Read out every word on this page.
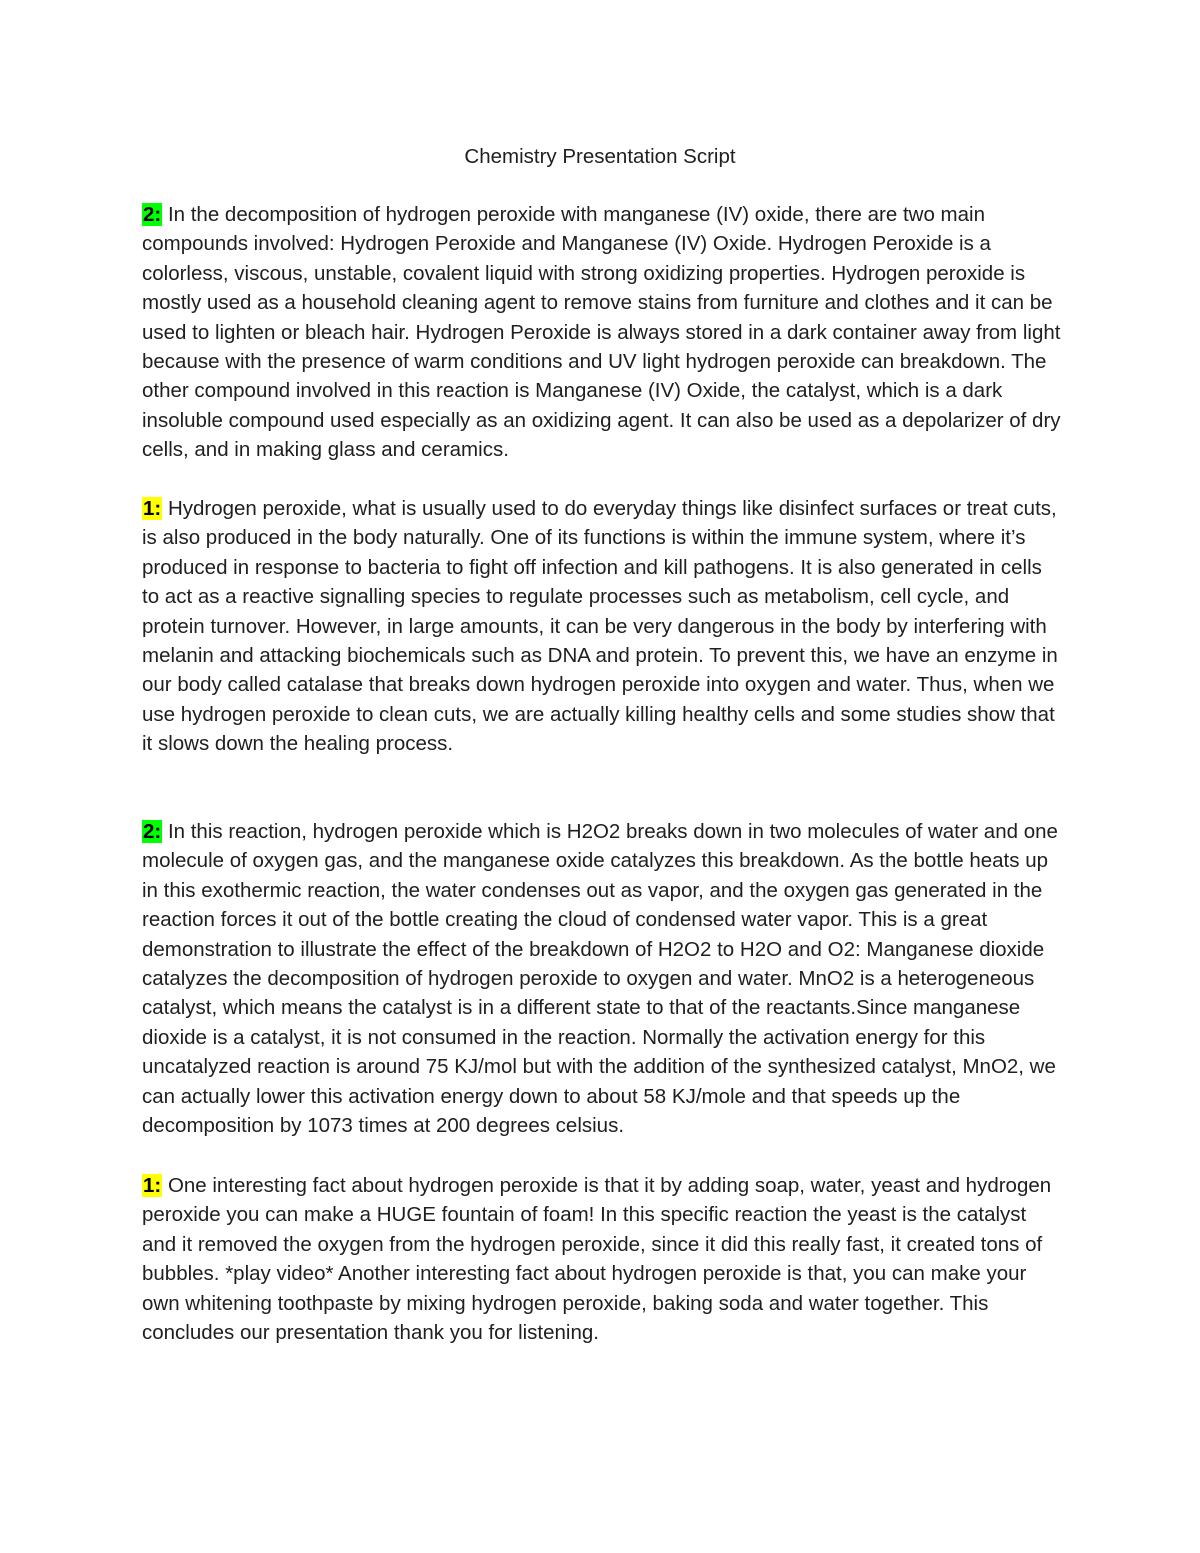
Chemistry Presentation Script

2: In the decomposition of hydrogen peroxide with manganese (IV) oxide, there are two main compounds involved: Hydrogen Peroxide and Manganese (IV) Oxide. Hydrogen Peroxide is a colorless, viscous, unstable, covalent liquid with strong oxidizing properties. Hydrogen peroxide is mostly used as a household cleaning agent to remove stains from furniture and clothes and it can be used to lighten or bleach hair. Hydrogen Peroxide is always stored in a dark container away from light because with the presence of warm conditions and UV light hydrogen peroxide can breakdown. The other compound involved in this reaction is Manganese (IV) Oxide, the catalyst, which is a dark insoluble compound used especially as an oxidizing agent. It can also be used as a depolarizer of dry cells, and in making glass and ceramics.

1: Hydrogen peroxide, what is usually used to do everyday things like disinfect surfaces or treat cuts, is also produced in the body naturally. One of its functions is within the immune system, where it’s produced in response to bacteria to fight off infection and kill pathogens. It is also generated in cells to act as a reactive signalling species to regulate processes such as metabolism, cell cycle, and protein turnover. However, in large amounts, it can be very dangerous in the body by interfering with melanin and attacking biochemicals such as DNA and protein. To prevent this, we have an enzyme in our body called catalase that breaks down hydrogen peroxide into oxygen and water. Thus, when we use hydrogen peroxide to clean cuts, we are actually killing healthy cells and some studies show that it slows down the healing process.

2: In this reaction, hydrogen peroxide which is H2O2 breaks down in two molecules of water and one molecule of oxygen gas, and the manganese oxide catalyzes this breakdown. As the bottle heats up in this exothermic reaction, the water condenses out as vapor, and the oxygen gas generated in the reaction forces it out of the bottle creating the cloud of condensed water vapor. This is a great demonstration to illustrate the effect of the breakdown of H2O2 to H2O and O2: Manganese dioxide catalyzes the decomposition of hydrogen peroxide to oxygen and water. MnO2 is a heterogeneous catalyst, which means the catalyst is in a different state to that of the reactants.Since manganese dioxide is a catalyst, it is not consumed in the reaction. Normally the activation energy for this uncatalyzed reaction is around 75 KJ/mol but with the addition of the synthesized catalyst, MnO2, we can actually lower this activation energy down to about 58 KJ/mole and that speeds up the decomposition by 1073 times at 200 degrees celsius.

1: One interesting fact about hydrogen peroxide is that it by adding soap, water, yeast and hydrogen peroxide you can make a HUGE fountain of foam! In this specific reaction the yeast is the catalyst and it removed the oxygen from the hydrogen peroxide, since it did this really fast, it created tons of bubbles. *play video* Another interesting fact about hydrogen peroxide is that, you can make your own whitening toothpaste by mixing hydrogen peroxide, baking soda and water together. This concludes our presentation thank you for listening.
